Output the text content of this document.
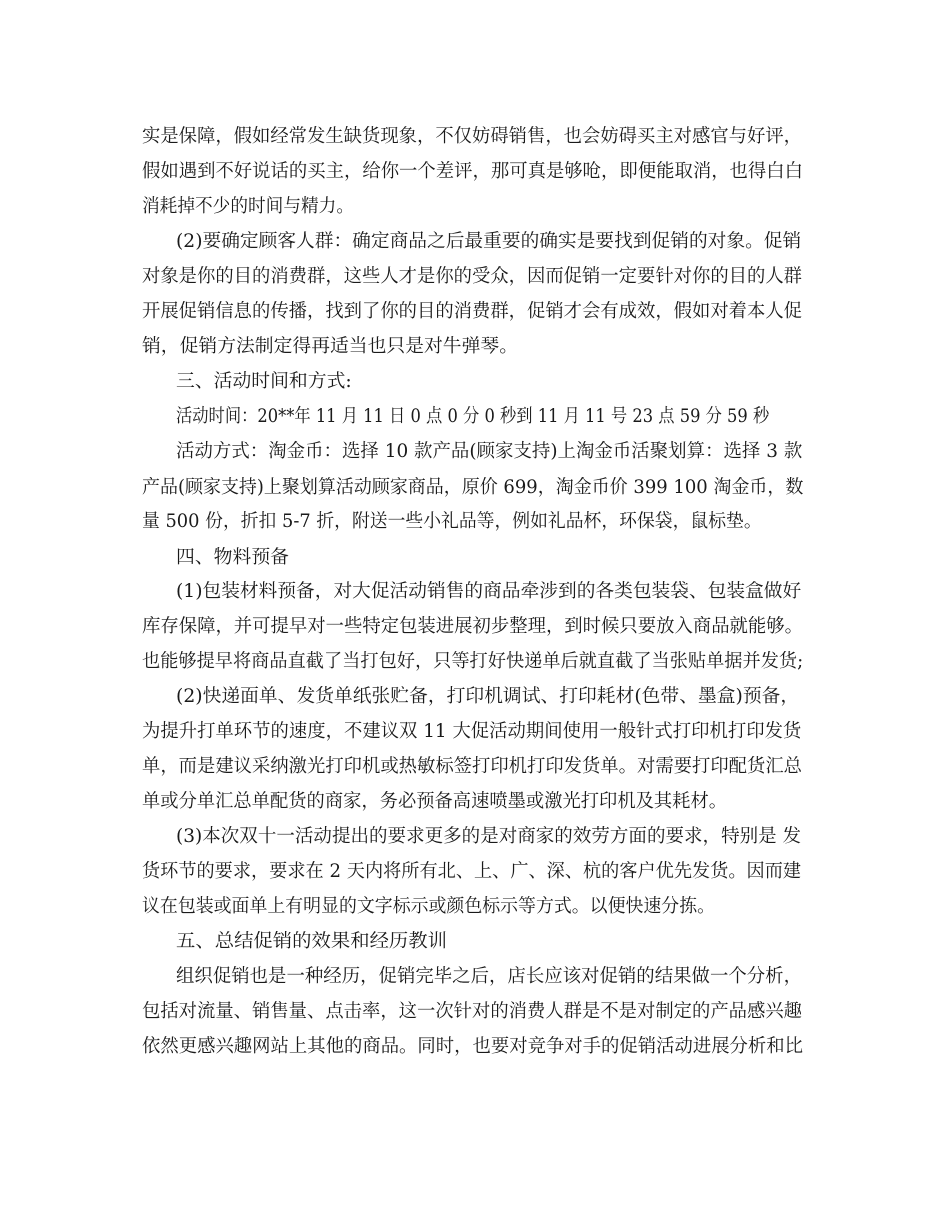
实是保障，假如经常发生缺货现象，不仅妨碍销售，也会妨碍买主对感官与好评，
假如遇到不好说话的买主，给你一个差评，那可真是够呛，即便能取消，也得白白
消耗掉不少的时间与精力。
(2)要确定顾客人群：确定商品之后最重要的确实是要找到促销的对象。促销
对象是你的目的消费群，这些人才是你的受众，因而促销一定要针对你的目的人群
开展促销信息的传播，找到了你的目的消费群，促销才会有成效，假如对着本人促
销，促销方法制定得再适当也只是对牛弹琴。
三、活动时间和方式:
活动时间：20**年 11 月 11 日 0 点 0 分 0 秒到 11 月 11 号 23 点 59 分 59 秒
活动方式：淘金币：选择 10 款产品(顾家支持)上淘金币活聚划算：选择 3 款
产品(顾家支持)上聚划算活动顾家商品，原价 699，淘金币价 399 100 淘金币，数
量 500 份，折扣 5-7 折，附送一些小礼品等，例如礼品杯，环保袋，鼠标垫。
四、物料预备
(1)包装材料预备，对大促活动销售的商品牵涉到的各类包装袋、包装盒做好
库存保障，并可提早对一些特定包装进展初步整理，到时候只要放入商品就能够。
也能够提早将商品直截了当打包好，只等打好快递单后就直截了当张贴单据并发货;
(2)快递面单、发货单纸张贮备，打印机调试、打印耗材(色带、墨盒)预备，
为提升打单环节的速度，不建议双 11 大促活动期间使用一般针式打印机打印发货
单，而是建议采纳激光打印机或热敏标签打印机打印发货单。对需要打印配货汇总
单或分单汇总单配货的商家，务必预备高速喷墨或激光打印机及其耗材。
(3)本次双十一活动提出的要求更多的是对商家的效劳方面的要求，特别是 发
货环节的要求，要求在 2 天内将所有北、上、广、深、杭的客户优先发货。因而建
议在包装或面单上有明显的文字标示或颜色标示等方式。以便快速分拣。
五、总结促销的效果和经历教训
组织促销也是一种经历，促销完毕之后，店长应该对促销的结果做一个分析，
包括对流量、销售量、点击率，这一次针对的消费人群是不是对制定的产品感兴趣
依然更感兴趣网站上其他的商品。同时，也要对竞争对手的促销活动进展分析和比
